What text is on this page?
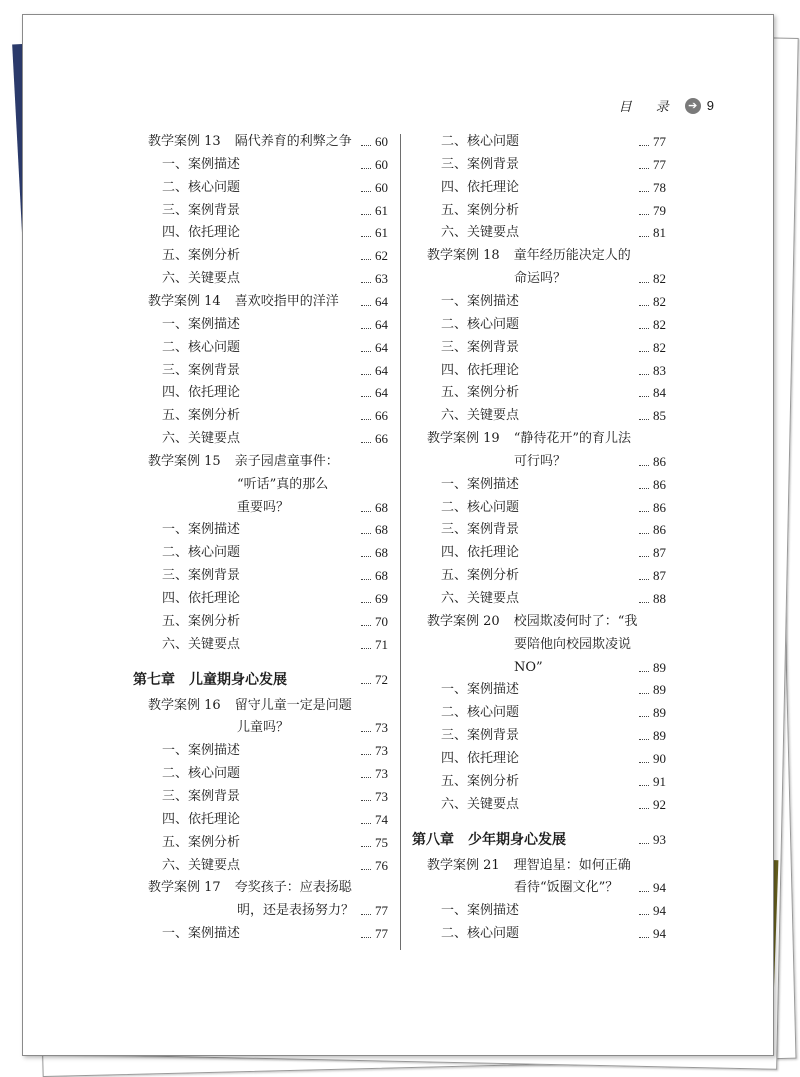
目 录 ➔ 9
教学案例 13 隔代养育的利弊之争 60
一、案例描述	60
二、核心问题	60
三、案例背景	61
四、依托理论	61
五、案例分析	62
六、关键要点	63
教学案例 14 喜欢咬指甲的洋洋	64
一、案例描述	64
二、核心问题	64
三、案例背景	64
四、依托理论	64
五、案例分析	66
六、关键要点	66
教学案例 15 亲子园虐童事件：
“听话”真的那么
重要吗？	68
一、案例描述	68
二、核心问题	68
三、案例背景	68
四、依托理论	69
五、案例分析	70
六、关键要点	71
第七章　儿童期身心发展	72
教学案例 16 留守儿童一定是问题
儿童吗？	73
一、案例描述	73
二、核心问题	73
三、案例背景	73
四、依托理论	74
五、案例分析	75
六、关键要点	76
教学案例 17 夸奖孩子：应表扬聪
明，还是表扬努力？ 77
一、案例描述	77
二、核心问题	77
三、案例背景	77
四、依托理论	78
五、案例分析	79
六、关键要点	81
教学案例 18 童年经历能决定人的
命运吗？	82
一、案例描述	82
二、核心问题	82
三、案例背景	82
四、依托理论	83
五、案例分析	84
六、关键要点	85
教学案例 19 “静待花开”的育儿法
可行吗？	86
一、案例描述	86
二、核心问题	86
三、案例背景	86
四、依托理论	87
五、案例分析	87
六、关键要点	88
教学案例 20 校园欺凌何时了：“我
要陪他向校园欺凌说
NO”	89
一、案例描述	89
二、核心问题	89
三、案例背景	89
四、依托理论	90
五、案例分析	91
六、关键要点	92
第八章　少年期身心发展	93
教学案例 21 理智追星：如何正确
看待“饭圈文化”？	94
一、案例描述	94
二、核心问题	94
